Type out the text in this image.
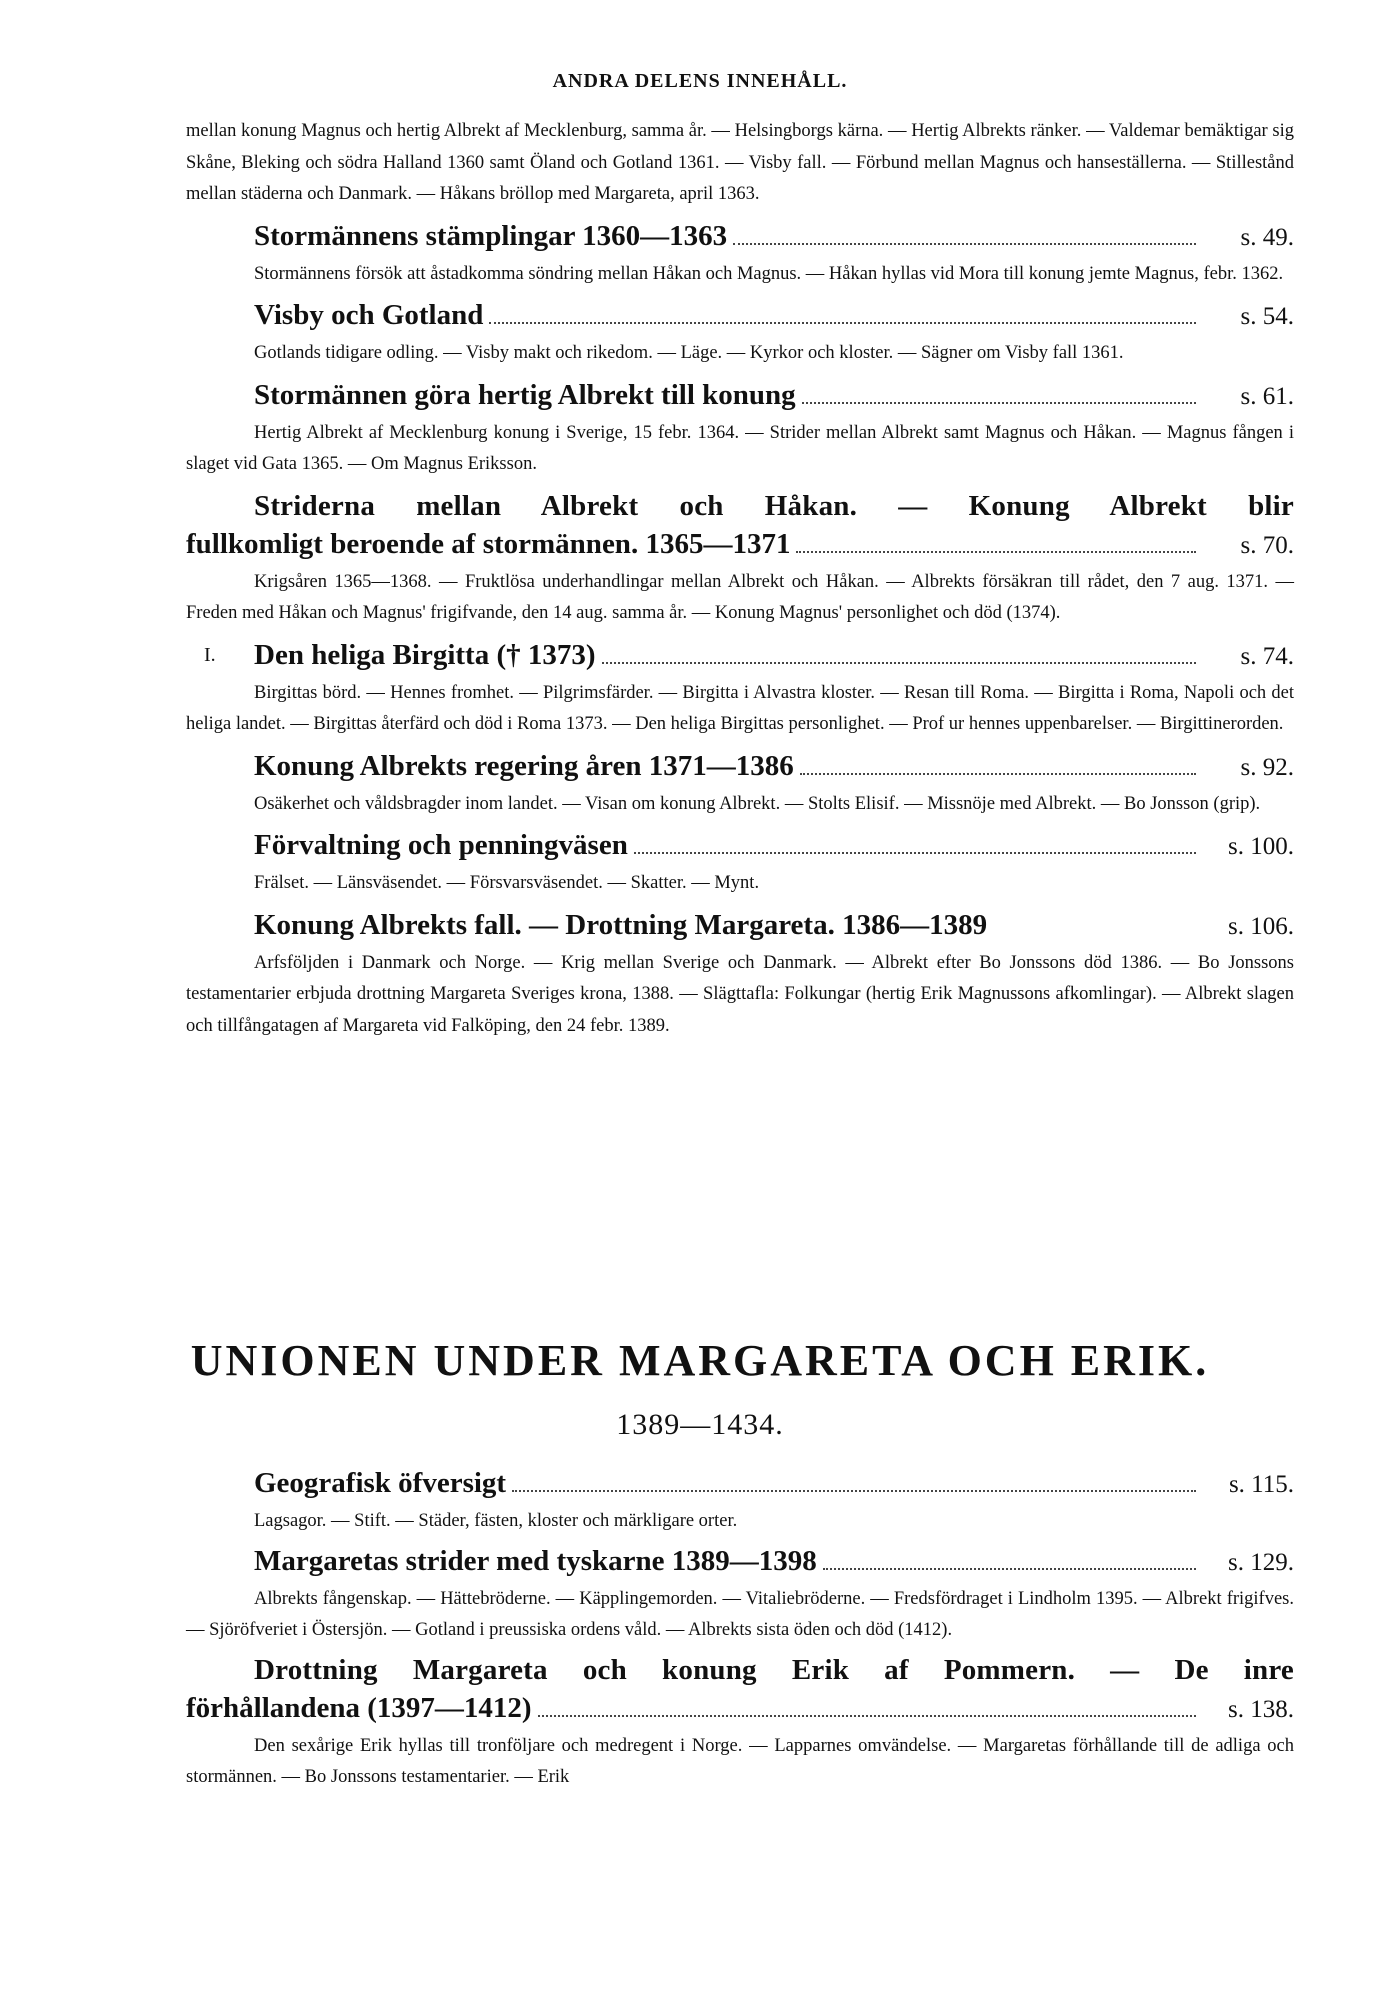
ANDRA DELENS INNEHÅLL.

mellan konung Magnus och hertig Albrekt af Mecklenburg, samma år. — Helsingborgs kärna. — Hertig Albrekts ränker. — Valdemar bemäktigar sig Skåne, Bleking och södra Halland 1360 samt Öland och Gotland 1361. — Visby fall. — Förbund mellan Magnus och hanseställerna. — Stillestånd mellan städerna och Danmark. — Håkans bröllop med Margareta, april 1363.

Stormännens stämplingar 1360—1363	s. 49.

Stormännens försök att åstadkomma söndring mellan Håkan och Magnus. — Håkan hyllas vid Mora till konung jemte Magnus, febr. 1362.

Visby och Gotland	s. 54.

Gotlands tidigare odling. — Visby makt och rikedom. — Läge. — Kyrkor och kloster. — Sägner om Visby fall 1361.

Stormännen göra hertig Albrekt till konung	s. 61.

Hertig Albrekt af Mecklenburg konung i Sverige, 15 febr. 1364. — Strider mellan Albrekt samt Magnus och Håkan. — Magnus fången i slaget vid Gata 1365. — Om Magnus Eriksson.

Striderna mellan Albrekt och Håkan. — Konung Albrekt blir
fullkomligt beroende af stormännen. 1365—1371	s. 70.

Krigsåren 1365—1368. — Fruktlösa underhandlingar mellan Albrekt och Håkan. — Albrekts försäkran till rådet, den 7 aug. 1371. — Freden med Håkan och Magnus' frigifvande, den 14 aug. samma år. — Konung Magnus' personlighet och död (1374).

I. Den heliga Birgitta († 1373)	s. 74.

Birgittas börd. — Hennes fromhet. — Pilgrimsfärder. — Birgitta i Alvastra kloster. — Resan till Roma. — Birgitta i Roma, Napoli och det heliga landet. — Birgittas återfärd och död i Roma 1373. — Den heliga Birgittas personlighet. — Prof ur hennes uppenbarelser. — Birgittinerorden.

Konung Albrekts regering åren 1371—1386	s. 92.

Osäkerhet och våldsbragder inom landet. — Visan om konung Albrekt. — Stolts Elisif. — Missnöje med Albrekt. — Bo Jonsson (grip).

Förvaltning och penningväsen	s. 100.

Frälset. — Länsväsendet. — Försvarsväsendet. — Skatter. — Mynt.

Konung Albrekts fall. — Drottning Margareta. 1386—1389	s. 106.

Arfsföljden i Danmark och Norge. — Krig mellan Sverige och Danmark. — Albrekt efter Bo Jonssons död 1386. — Bo Jonssons testamentarier erbjuda drottning Margareta Sveriges krona, 1388. — Slägttafla: Folkungar (hertig Erik Magnussons afkomlingar). — Albrekt slagen och tillfångatagen af Margareta vid Falköping, den 24 febr. 1389.

UNIONEN UNDER MARGARETA OCH ERIK.
1389—1434.
Geografisk öfversigt	s. 115.

Lagsagor. — Stift. — Städer, fästen, kloster och märkligare orter.

Margaretas strider med tyskarne 1389—1398	s. 129.

Albrekts fångenskap. — Hättebröderne. — Käpplingemorden. — Vitaliebröderne. — Fredsfördraget i Lindholm 1395. — Albrekt frigifves. — Sjöröfveriet i Östersjön. — Gotland i preussiska ordens våld. — Albrekts sista öden och död (1412).

Drottning Margareta och konung Erik af Pommern. — De inre
förhållandena (1397—1412)	s. 138.

Den sexårige Erik hyllas till tronföljare och medregent i Norge. — Lapparnes omvändelse. — Margaretas förhållande till de adliga och stormännen. — Bo Jonssons testamentarier. — Erik
